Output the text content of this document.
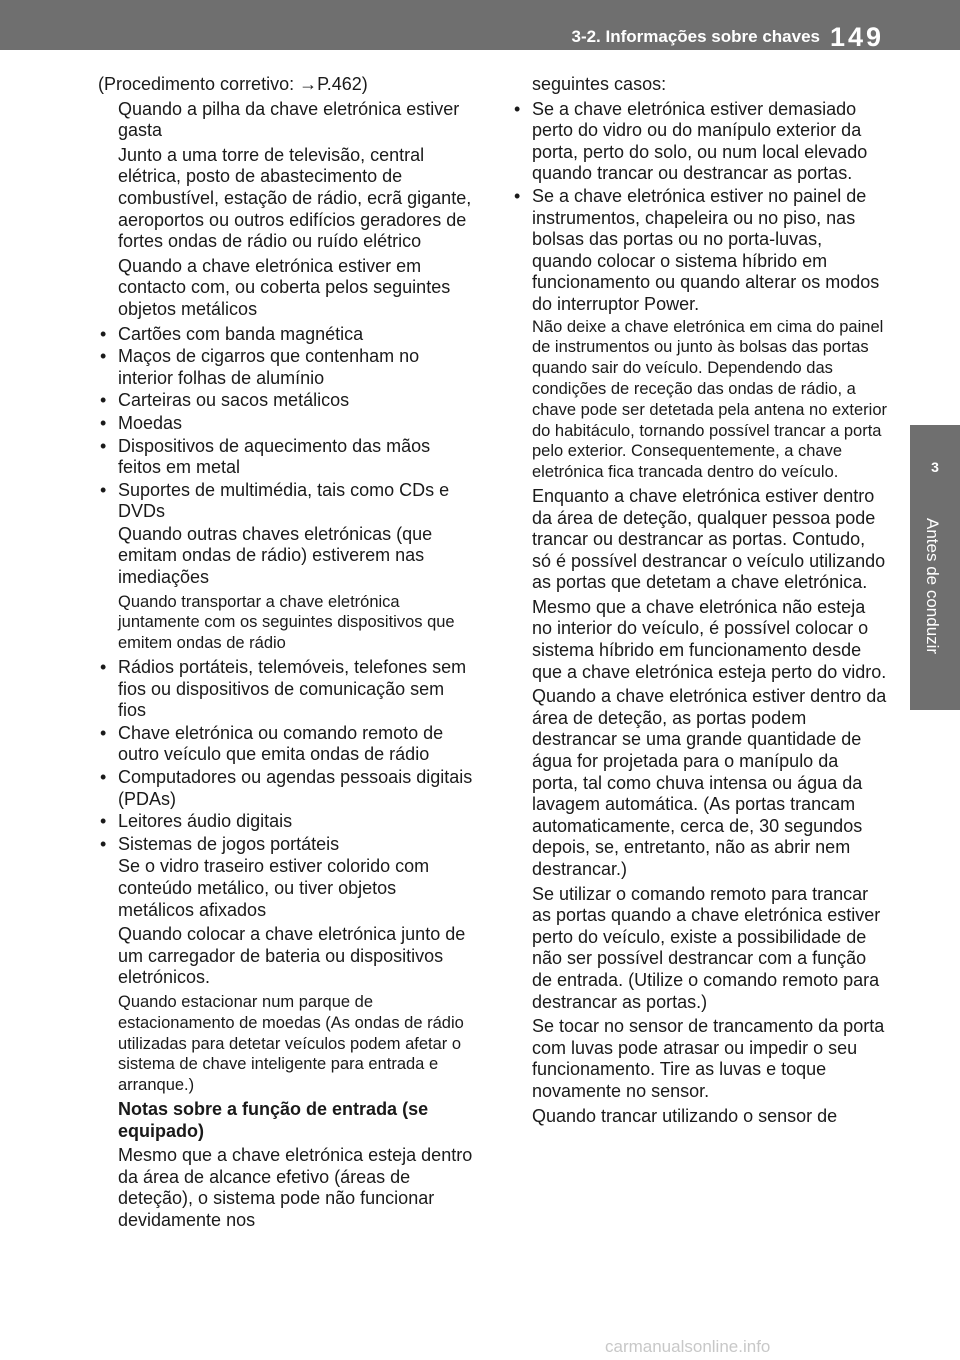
3-2. Informações sobre chaves 149
3
Antes de conduzir
(Procedimento corretivo: →P.462)
Quando a pilha da chave eletrónica estiver gasta
Junto a uma torre de televisão, central elétrica, posto de abastecimento de combustível, estação de rádio, ecrã gigante, aeroportos ou outros edifícios geradores de fortes ondas de rádio ou ruído elétrico
Quando a chave eletrónica estiver em contacto com, ou coberta pelos seguintes objetos metálicos
• Cartões com banda magnética
• Maços de cigarros que contenham no interior folhas de alumínio
• Carteiras ou sacos metálicos
• Moedas
• Dispositivos de aquecimento das mãos feitos em metal
• Suportes de multimédia, tais como CDs e DVDs
Quando outras chaves eletrónicas (que emitam ondas de rádio) estiverem nas imediações
Quando transportar a chave eletrónica juntamente com os seguintes dispositivos que emitem ondas de rádio
• Rádios portáteis, telemóveis, telefones sem fios ou dispositivos de comunicação sem fios
• Chave eletrónica ou comando remoto de outro veículo que emita ondas de rádio
• Computadores ou agendas pessoais digitais (PDAs)
• Leitores áudio digitais
• Sistemas de jogos portáteis
Se o vidro traseiro estiver colorido com conteúdo metálico, ou tiver objetos metálicos afixados
Quando colocar a chave eletrónica junto de um carregador de bateria ou dispositivos eletrónicos.
Quando estacionar num parque de estacionamento de moedas (As ondas de rádio utilizadas para detetar veículos podem afetar o sistema de chave inteligente para entrada e arranque.)
Notas sobre a função de entrada (se equipado)
Mesmo que a chave eletrónica esteja dentro da área de alcance efetivo (áreas de deteção), o sistema pode não funcionar devidamente nos
seguintes casos:
• Se a chave eletrónica estiver demasiado perto do vidro ou do manípulo exterior da porta, perto do solo, ou num local elevado quando trancar ou destrancar as portas.
• Se a chave eletrónica estiver no painel de instrumentos, chapeleira ou no piso, nas bolsas das portas ou no porta-luvas, quando colocar o sistema híbrido em funcionamento ou quando alterar os modos do interruptor Power.
Não deixe a chave eletrónica em cima do painel de instrumentos ou junto às bolsas das portas quando sair do veículo. Dependendo das condições de receção das ondas de rádio, a chave pode ser detetada pela antena no exterior do habitáculo, tornando possível trancar a porta pelo exterior. Consequentemente, a chave eletrónica fica trancada dentro do veículo.
Enquanto a chave eletrónica estiver dentro da área de deteção, qualquer pessoa pode trancar ou destrancar as portas. Contudo, só é possível destrancar o veículo utilizando as portas que detetam a chave eletrónica.
Mesmo que a chave eletrónica não esteja no interior do veículo, é possível colocar o sistema híbrido em funcionamento desde que a chave eletrónica esteja perto do vidro.
Quando a chave eletrónica estiver dentro da área de deteção, as portas podem destrancar se uma grande quantidade de água for projetada para o manípulo da porta, tal como chuva intensa ou água da lavagem automática. (As portas trancam automaticamente, cerca de, 30 segundos depois, se, entretanto, não as abrir nem destrancar.)
Se utilizar o comando remoto para trancar as portas quando a chave eletrónica estiver perto do veículo, existe a possibilidade de não ser possível destrancar com a função de entrada. (Utilize o comando remoto para destrancar as portas.)
Se tocar no sensor de trancamento da porta com luvas pode atrasar ou impedir o seu funcionamento. Tire as luvas e toque novamente no sensor.
Quando trancar utilizando o sensor de
carmanualsonline.info
